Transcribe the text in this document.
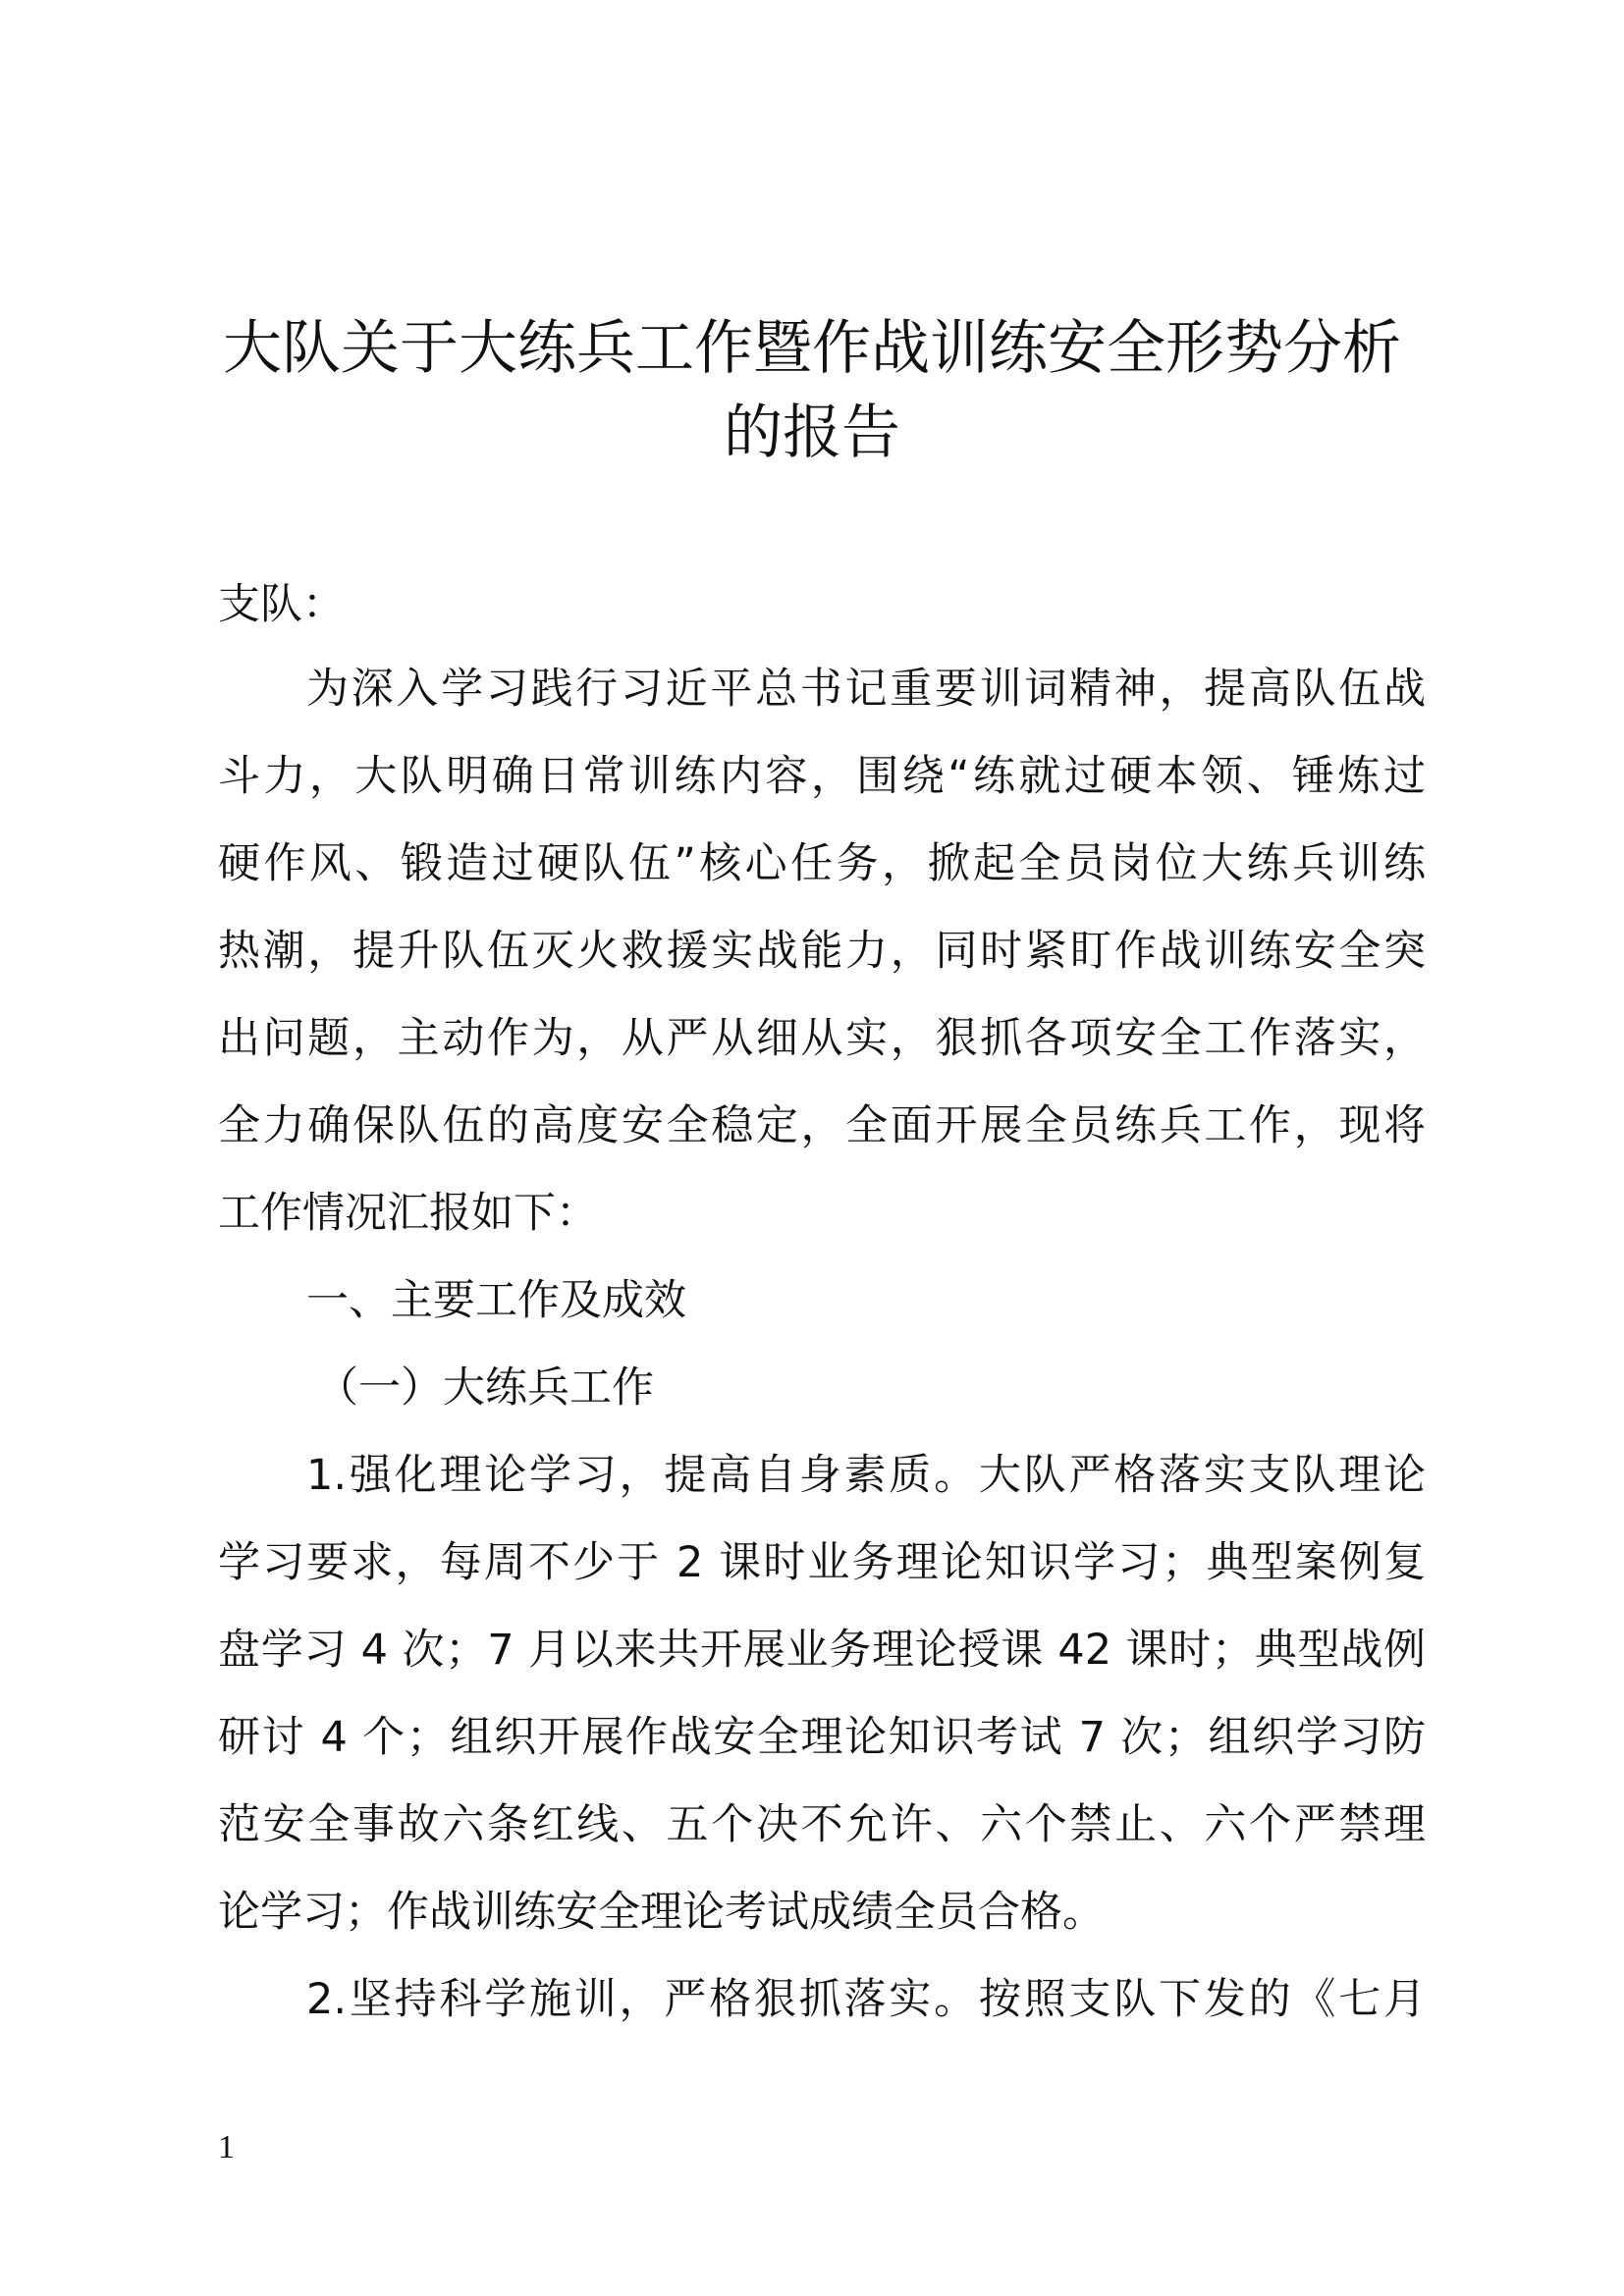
大队关于大练兵工作暨作战训练安全形势分析
的报告
支队：
为深入学习践行习近平总书记重要训词精神，提高队伍战
斗力，大队明确日常训练内容，围绕“练就过硬本领、锤炼过
硬作风、锻造过硬队伍”核心任务，掀起全员岗位大练兵训练
热潮，提升队伍灭火救援实战能力，同时紧盯作战训练安全突
出问题，主动作为，从严从细从实，狠抓各项安全工作落实，
全力确保队伍的高度安全稳定，全面开展全员练兵工作，现将
工作情况汇报如下：
一、主要工作及成效
（一）大练兵工作
1.强化理论学习，提高自身素质。大队严格落实支队理论
学习要求，每周不少于 2 课时业务理论知识学习；典型案例复
盘学习 4 次；7 月以来共开展业务理论授课 42 课时；典型战例
研讨 4 个；组织开展作战安全理论知识考试 7 次；组织学习防
范安全事故六条红线、五个决不允许、六个禁止、六个严禁理
论学习；作战训练安全理论考试成绩全员合格。
2.坚持科学施训，严格狠抓落实。按照支队下发的《七月
1
